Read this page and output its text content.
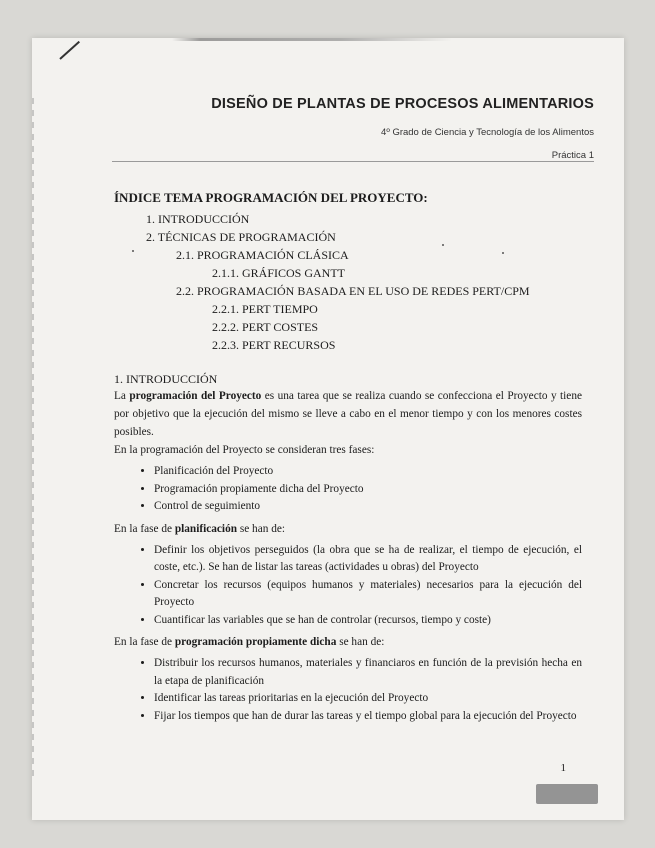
DISEÑO DE PLANTAS DE PROCESOS ALIMENTARIOS
4º Grado de Ciencia y Tecnología de los Alimentos
Práctica 1
ÍNDICE TEMA PROGRAMACIÓN DEL PROYECTO:
1. INTRODUCCIÓN
2. TÉCNICAS DE PROGRAMACIÓN
2.1. PROGRAMACIÓN CLÁSICA
2.1.1. GRÁFICOS GANTT
2.2. PROGRAMACIÓN BASADA EN EL USO DE REDES PERT/CPM
2.2.1. PERT TIEMPO
2.2.2. PERT COSTES
2.2.3. PERT RECURSOS
1. INTRODUCCIÓN

La programación del Proyecto es una tarea que se realiza cuando se confecciona el Proyecto y tiene por objetivo que la ejecución del mismo se lleve a cabo en el menor tiempo y con los menores costes posibles.

En la programación del Proyecto se consideran tres fases:

• Planificación del Proyecto
• Programación propiamente dicha del Proyecto
• Control de seguimiento

En la fase de planificación se han de:

• Definir los objetivos perseguidos (la obra que se ha de realizar, el tiempo de ejecución, el coste, etc.). Se han de listar las tareas (actividades u obras) del Proyecto
• Concretar los recursos (equipos humanos y materiales) necesarios para la ejecución del Proyecto
• Cuantificar las variables que se han de controlar (recursos, tiempo y coste)

En la fase de programación propiamente dicha se han de:

• Distribuir los recursos humanos, materiales y financiaros en función de la previsión hecha en la etapa de planificación
• Identificar las tareas prioritarias en la ejecución del Proyecto
• Fijar los tiempos que han de durar las tareas y el tiempo global para la ejecución del Proyecto
1
